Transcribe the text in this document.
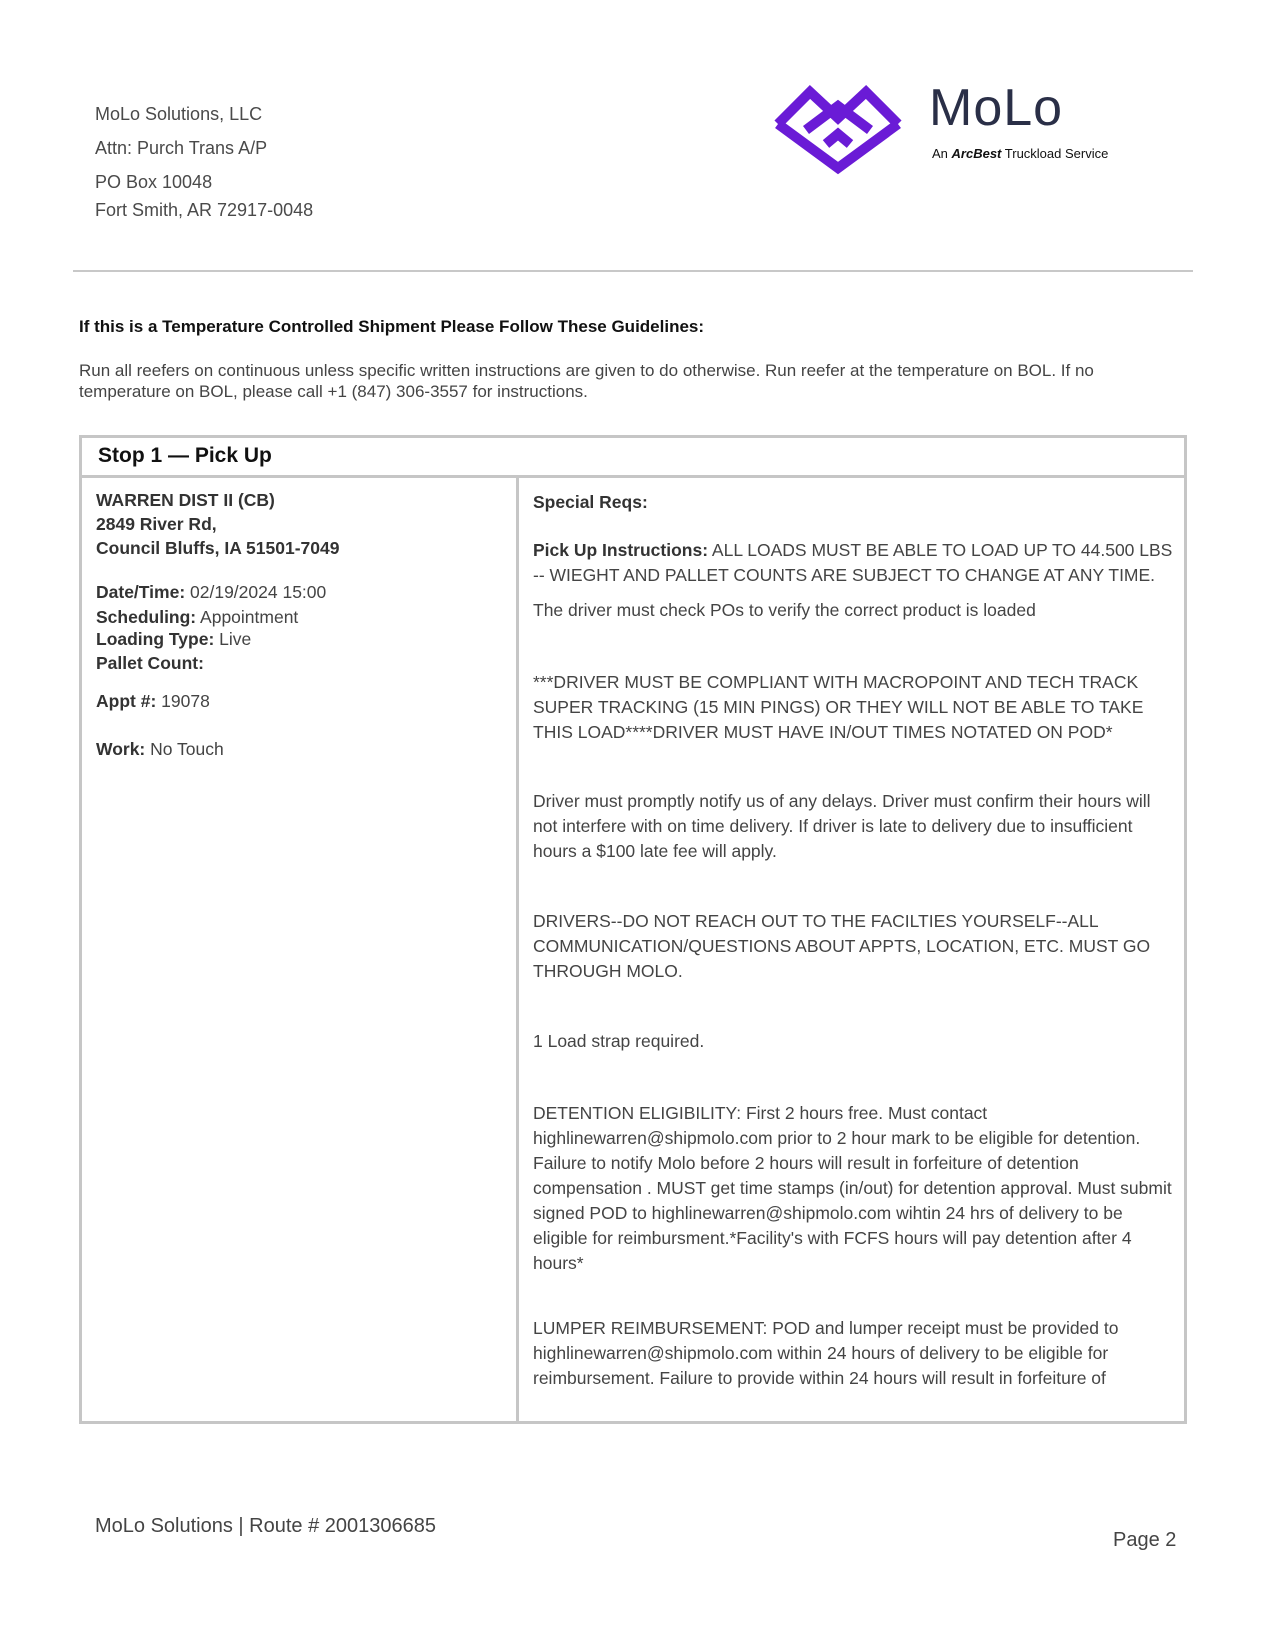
MoLo Solutions, LLC
Attn: Purch Trans A/P
PO Box 10048
Fort Smith, AR 72917-0048
MoLo
An ArcBest Truckload Service
If this is a Temperature Controlled Shipment Please Follow These Guidelines:
Run all reefers on continuous unless specific written instructions are given to do otherwise. Run reefer at the temperature on BOL. If no temperature on BOL, please call +1 (847) 306-3557 for instructions.
Stop 1 — Pick Up
WARREN DIST II (CB)
2849 River Rd,
Council Bluffs, IA 51501-7049
Date/Time: 02/19/2024 15:00
Scheduling: Appointment
Loading Type: Live
Pallet Count:
Appt #: 19078
Work: No Touch
Special Reqs:
Pick Up Instructions: ALL LOADS MUST BE ABLE TO LOAD UP TO 44.500 LBS -- WIEGHT AND PALLET COUNTS ARE SUBJECT TO CHANGE AT ANY TIME.
The driver must check POs to verify the correct product is loaded
***DRIVER MUST BE COMPLIANT WITH MACROPOINT AND TECH TRACK SUPER TRACKING (15 MIN PINGS) OR THEY WILL NOT BE ABLE TO TAKE THIS LOAD****DRIVER MUST HAVE IN/OUT TIMES NOTATED ON POD*
Driver must promptly notify us of any delays. Driver must confirm their hours will not interfere with on time delivery. If driver is late to delivery due to insufficient hours a $100 late fee will apply.
DRIVERS--DO NOT REACH OUT TO THE FACILTIES YOURSELF--ALL COMMUNICATION/QUESTIONS ABOUT APPTS, LOCATION, ETC. MUST GO THROUGH MOLO.
1 Load strap required.
DETENTION ELIGIBILITY: First 2 hours free. Must contact highlinewarren@shipmolo.com prior to 2 hour mark to be eligible for detention. Failure to notify Molo before 2 hours will result in forfeiture of detention compensation . MUST get time stamps (in/out) for detention approval. Must submit signed POD to highlinewarren@shipmolo.com wihtin 24 hrs of delivery to be eligible for reimbursment.*Facility's with FCFS hours will pay detention after 4 hours*
LUMPER REIMBURSEMENT: POD and lumper receipt must be provided to highlinewarren@shipmolo.com within 24 hours of delivery to be eligible for reimbursement. Failure to provide within 24 hours will result in forfeiture of
MoLo Solutions | Route # 2001306685
Page 2
